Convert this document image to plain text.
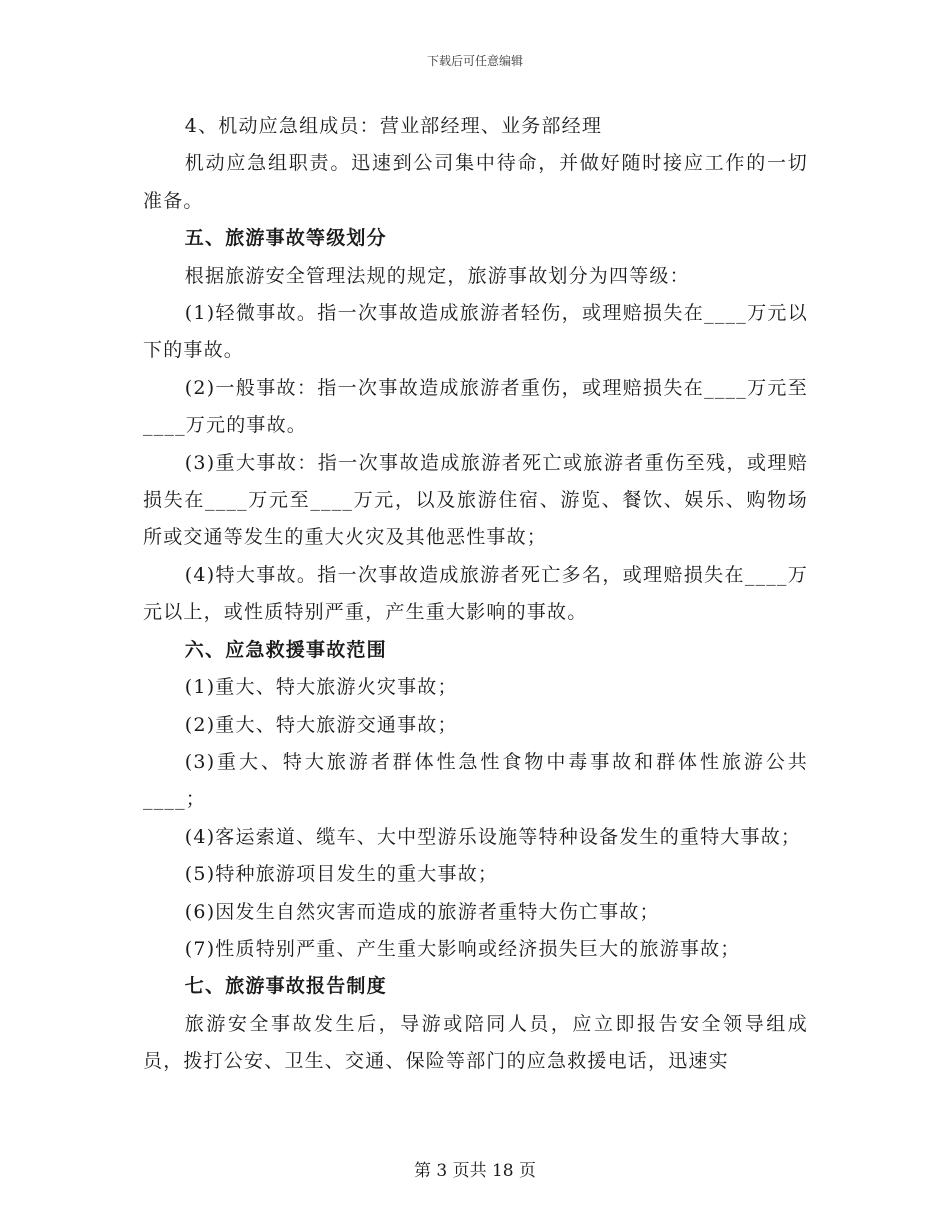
下载后可任意编辑

4、机动应急组成员：营业部经理、业务部经理

机动应急组职责。迅速到公司集中待命，并做好随时接应工作的一切准备。

五、旅游事故等级划分

根据旅游安全管理法规的规定，旅游事故划分为四等级：

(1)轻微事故。指一次事故造成旅游者轻伤，或理赔损失在____万元以下的事故。

(2)一般事故：指一次事故造成旅游者重伤，或理赔损失在____万元至____万元的事故。

(3)重大事故：指一次事故造成旅游者死亡或旅游者重伤至残，或理赔损失在____万元至____万元，以及旅游住宿、游览、餐饮、娱乐、购物场所或交通等发生的重大火灾及其他恶性事故；

(4)特大事故。指一次事故造成旅游者死亡多名，或理赔损失在____万元以上，或性质特别严重，产生重大影响的事故。

六、应急救援事故范围

(1)重大、特大旅游火灾事故；

(2)重大、特大旅游交通事故；

(3)重大、特大旅游者群体性急性食物中毒事故和群体性旅游公共____；

(4)客运索道、缆车、大中型游乐设施等特种设备发生的重特大事故；

(5)特种旅游项目发生的重大事故；

(6)因发生自然灾害而造成的旅游者重特大伤亡事故；

(7)性质特别严重、产生重大影响或经济损失巨大的旅游事故；

七、旅游事故报告制度

旅游安全事故发生后，导游或陪同人员，应立即报告安全领导组成员，拨打公安、卫生、交通、保险等部门的应急救援电话，迅速实

第 3 页共 18 页
